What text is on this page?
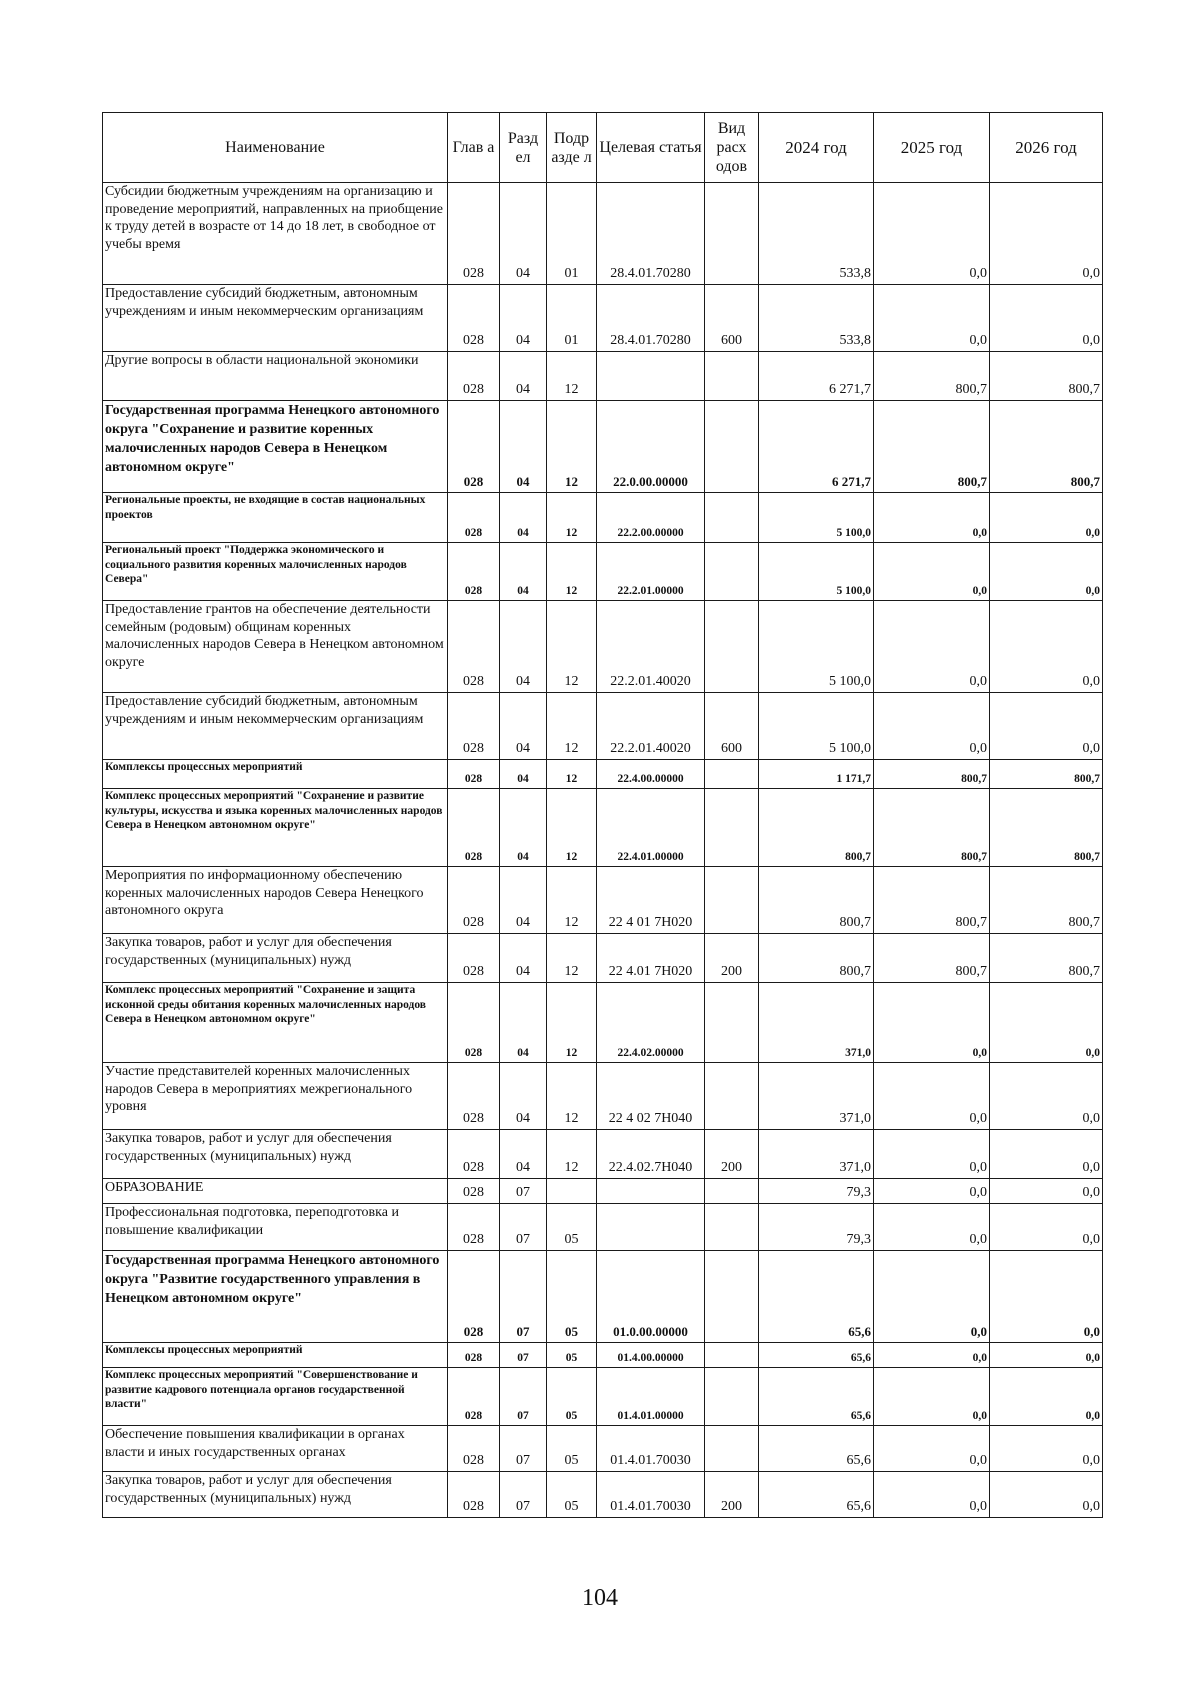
Наименование	Глав а	Разд ел	Подр азде л	Целевая статья	Вид расх одов	2024 год	2025 год	2026 год
Субсидии бюджетным учреждениям на организацию и проведение мероприятий, направленных на приобщение к труду детей в возрасте от 14 до 18 лет, в свободное от учебы время	028	04	01	28.4.01.70280		533,8	0,0	0,0
Предоставление субсидий бюджетным, автономным учреждениям и иным некоммерческим организациям	028	04	01	28.4.01.70280	600	533,8	0,0	0,0
Другие вопросы в области национальной экономики	028	04	12			6 271,7	800,7	800,7
Государственная программа Ненецкого автономного округа "Сохранение и развитие коренных малочисленных народов Севера в Ненецком автономном округе"	028	04	12	22.0.00.00000		6 271,7	800,7	800,7
Региональные проекты, не входящие в состав национальных проектов	028	04	12	22.2.00.00000		5 100,0	0,0	0,0
Региональный проект "Поддержка экономического и социального развития коренных малочисленных народов Севера"	028	04	12	22.2.01.00000		5 100,0	0,0	0,0
Предоставление грантов на обеспечение деятельности семейным (родовым) общинам коренных малочисленных народов Севера в Ненецком автономном округе	028	04	12	22.2.01.40020		5 100,0	0,0	0,0
Предоставление субсидий бюджетным, автономным учреждениям и иным некоммерческим организациям	028	04	12	22.2.01.40020	600	5 100,0	0,0	0,0
Комплексы процессных мероприятий	028	04	12	22.4.00.00000		1 171,7	800,7	800,7
Комплекс процессных мероприятий "Сохранение и развитие культуры, искусства и языка коренных малочисленных народов Севера в Ненецком автономном округе"	028	04	12	22.4.01.00000		800,7	800,7	800,7
Мероприятия по информационному обеспечению коренных малочисленных народов Севера Ненецкого автономного округа	028	04	12	22 4 01 7Н020		800,7	800,7	800,7
Закупка товаров, работ и услуг для обеспечения государственных (муниципальных) нужд	028	04	12	22 4.01 7Н020	200	800,7	800,7	800,7
Комплекс процессных мероприятий "Сохранение и защита исконной среды обитания коренных малочисленных народов Севера в Ненецком автономном округе"	028	04	12	22.4.02.00000		371,0	0,0	0,0
Участие представителей коренных малочисленных народов Севера в мероприятиях межрегионального уровня	028	04	12	22 4 02 7Н040		371,0	0,0	0,0
Закупка товаров, работ и услуг для обеспечения государственных (муниципальных) нужд	028	04	12	22.4.02.7Н040	200	371,0	0,0	0,0
ОБРАЗОВАНИЕ	028	07				79,3	0,0	0,0
Профессиональная подготовка, переподготовка и повышение квалификации	028	07	05			79,3	0,0	0,0
Государственная программа Ненецкого автономного округа "Развитие государственного управления в Ненецком автономном округе"	028	07	05	01.0.00.00000		65,6	0,0	0,0
Комплексы процессных мероприятий	028	07	05	01.4.00.00000		65,6	0,0	0,0
Комплекс процессных мероприятий "Совершенствование и развитие кадрового потенциала органов государственной власти"	028	07	05	01.4.01.00000		65,6	0,0	0,0
Обеспечение повышения квалификации в органах власти и иных государственных органах	028	07	05	01.4.01.70030		65,6	0,0	0,0
Закупка товаров, работ и услуг для обеспечения государственных (муниципальных) нужд	028	07	05	01.4.01.70030	200	65,6	0,0	0,0
104
